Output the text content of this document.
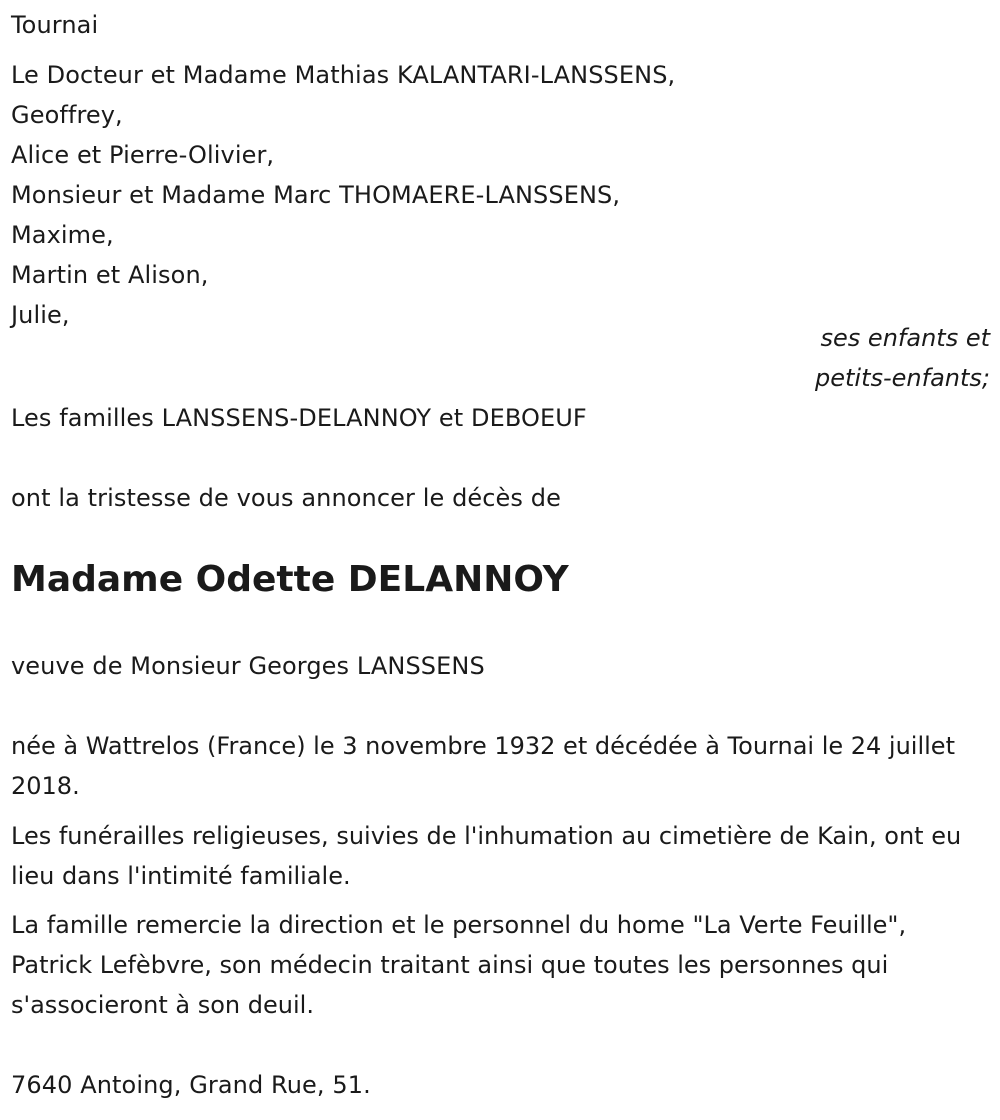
Tournai
Le Docteur et Madame Mathias KALANTARI-LANSSENS,
Geoffrey,
Alice et Pierre-Olivier,
Monsieur et Madame Marc THOMAERE-LANSSENS,
Maxime,
Martin et Alison,
Julie,
ses enfants et
petits-enfants;
Les familles LANSSENS-DELANNOY et DEBOEUF
ont la tristesse de vous annoncer le décès de
Madame Odette DELANNOY
veuve de Monsieur Georges LANSSENS
née à Wattrelos (France) le 3 novembre 1932 et décédée à Tournai le 24 juillet 2018.
Les funérailles religieuses, suivies de l'inhumation au cimetière de Kain, ont eu lieu dans l'intimité familiale.
La famille remercie la direction et le personnel du home "La Verte Feuille", Patrick Lefèbvre, son médecin traitant ainsi que toutes les personnes qui s'associeront à son deuil.
7640 Antoing, Grand Rue, 51.
